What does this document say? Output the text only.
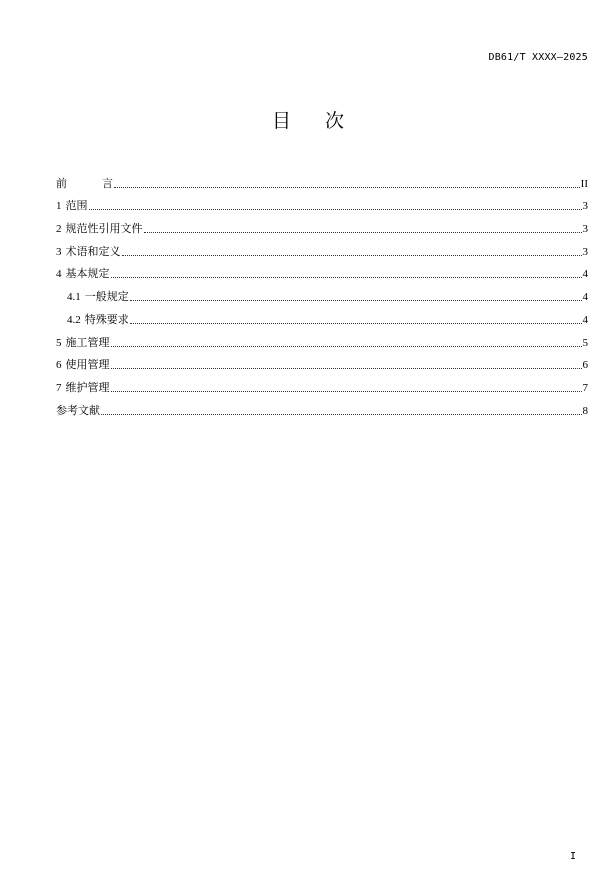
DB61/T XXXX—2025
目 次
前          言	II
1 范围	3
2 规范性引用文件	3
3 术语和定义	3
4 基本规定	4
4.1 一般规定	4
4.2 特殊要求	4
5 施工管理	5
6 使用管理	6
7 维护管理	7
参考文献	8
I
